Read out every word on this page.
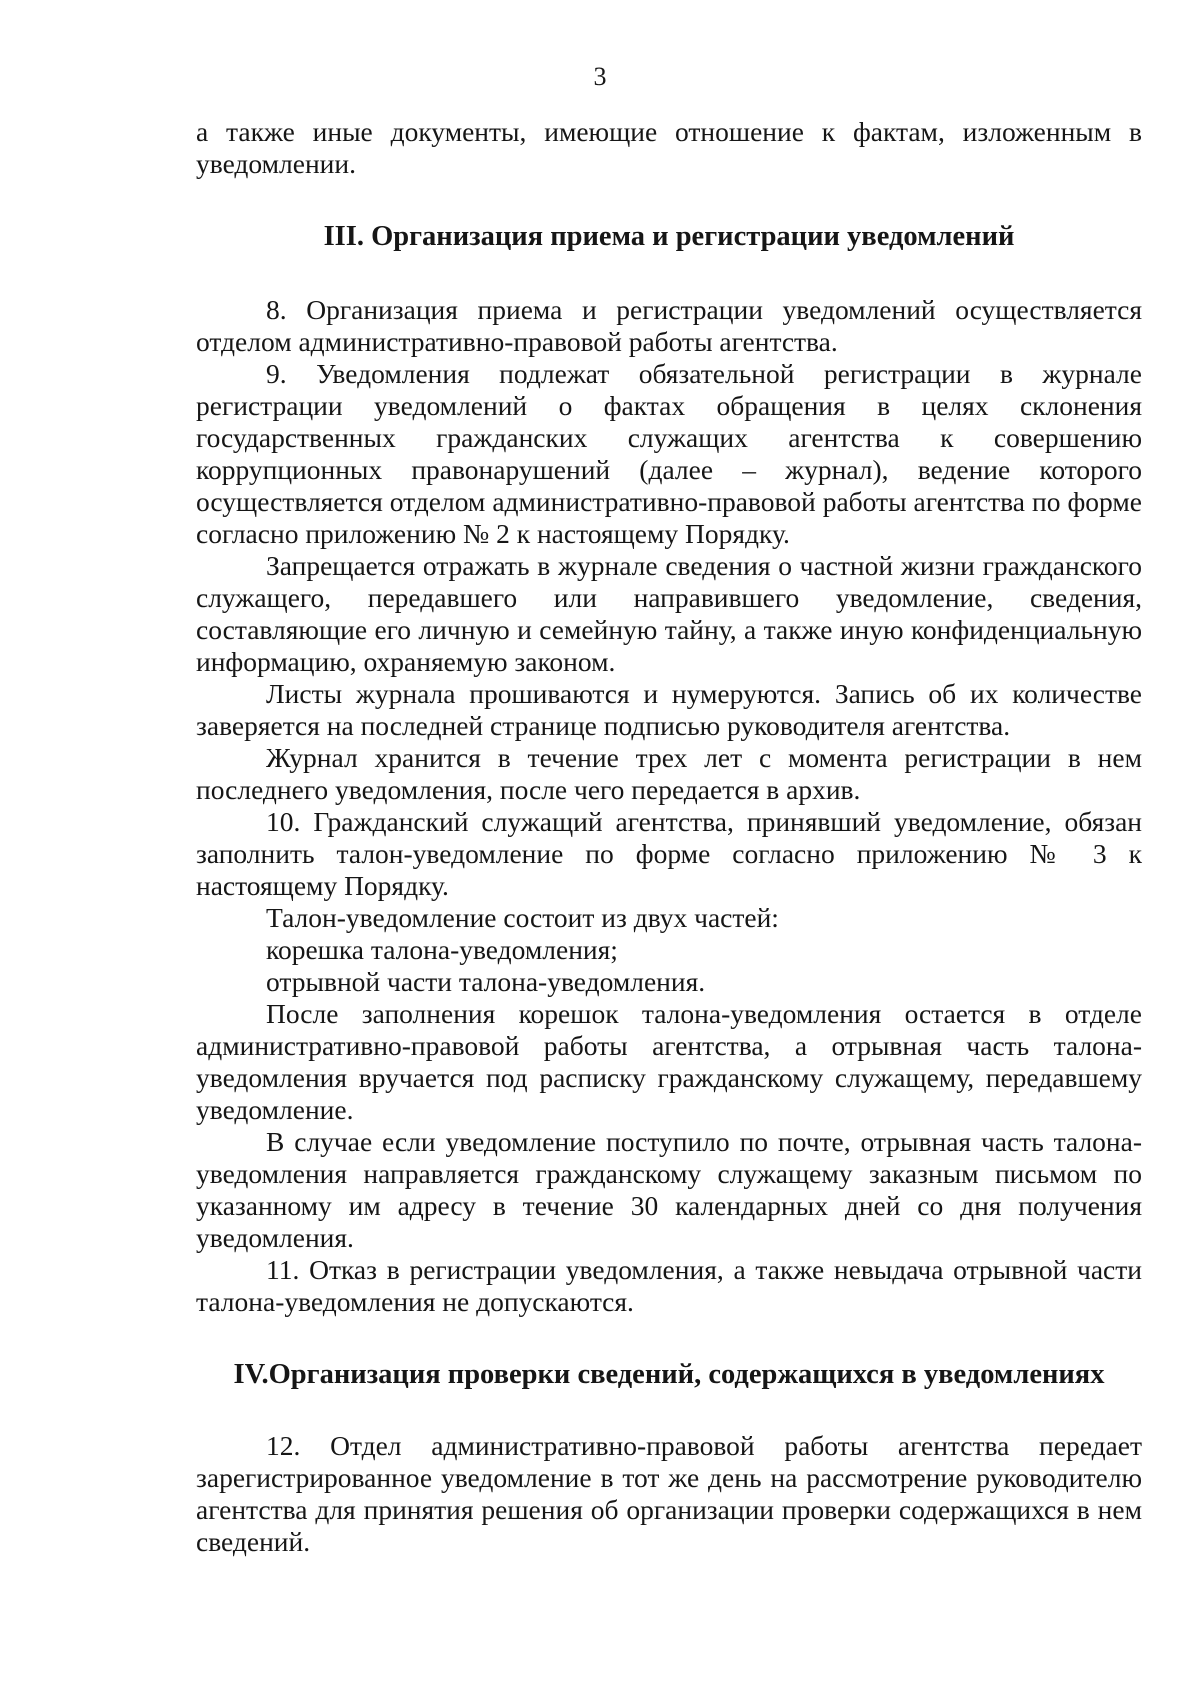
3

а также иные документы, имеющие отношение к фактам, изложенным в уведомлении.

III. Организация приема и регистрации уведомлений

8. Организация приема и регистрации уведомлений осуществляется отделом административно-правовой работы агентства.

9. Уведомления подлежат обязательной регистрации в журнале регистрации уведомлений о фактах обращения в целях склонения государственных гражданских служащих агентства к совершению коррупционных правонарушений (далее – журнал), ведение которого осуществляется отделом административно-правовой работы агентства по форме согласно приложению № 2 к настоящему Порядку.

Запрещается отражать в журнале сведения о частной жизни гражданского служащего, передавшего или направившего уведомление, сведения, составляющие его личную и семейную тайну, а также иную конфиденциальную информацию, охраняемую законом.

Листы журнала прошиваются и нумеруются. Запись об их количестве заверяется на последней странице подписью руководителя агентства.

Журнал хранится в течение трех лет с момента регистрации в нем последнего уведомления, после чего передается в архив.

10. Гражданский служащий агентства, принявший уведомление, обязан заполнить талон-уведомление по форме согласно приложению № 3 к настоящему Порядку.

Талон-уведомление состоит из двух частей:

корешка талона-уведомления;

отрывной части талона-уведомления.

После заполнения корешок талона-уведомления остается в отделе административно-правовой работы агентства, а отрывная часть талона-уведомления вручается под расписку гражданскому служащему, передавшему уведомление.

В случае если уведомление поступило по почте, отрывная часть талона-уведомления направляется гражданскому служащему заказным письмом по указанному им адресу в течение 30 календарных дней со дня получения уведомления.

11. Отказ в регистрации уведомления, а также невыдача отрывной части талона-уведомления не допускаются.

IV.Организация проверки сведений, содержащихся в уведомлениях

12. Отдел административно-правовой работы агентства передает зарегистрированное уведомление в тот же день на рассмотрение руководителю агентства для принятия решения об организации проверки содержащихся в нем сведений.
